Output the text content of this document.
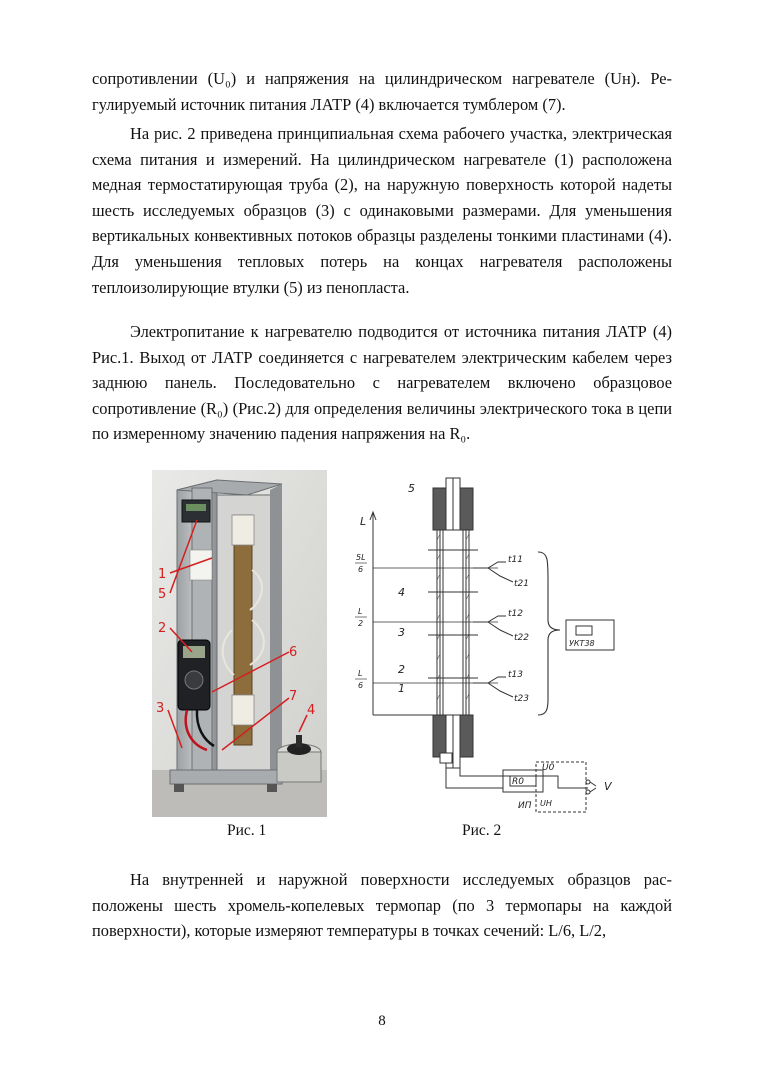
сопротивлении (U₀) и напряжения на цилиндрическом нагревателе (Uн). Регулируемый источник питания ЛАТР (4) включается тумблером (7).

На рис. 2 приведена принципиальная схема рабочего участка, электрическая схема питания и измерений. На цилиндрическом нагревателе (1) расположена медная термостатирующая труба (2), на наружную поверхность которой надеты шесть исследуемых образцов (3) с одинаковыми размерами. Для уменьшения вертикальных конвективных потоков образцы разделены тонкими пластинами (4). Для уменьшения тепловых потерь на концах нагревателя расположены теплоизолирующие втулки (5) из пенопласта.

Электропитание к нагревателю подводится от источника питания ЛАТР (4) Рис.1. Выход от ЛАТР соединяется с нагревателем электрическим кабелем через заднюю панель. Последовательно с нагревателем включено образцовое сопротивление (R₀) (Рис.2) для определения величины электрического тока в цепи по измеренному значению падения напряжения на R₀.

1
5
2
6
3
7
4
5
L
5L
6
L
2
L
6
4
3
2
1
t11
t21
t12
t22
t13
t23
УКТ38
R0
U0
UH
V
ИП
Рис. 1	Рис. 2

На внутренней и наружной поверхности исследуемых образцов расположены шесть хромель-копелевых термопар (по 3 термопары на каждой поверхности), которые измеряют температуры в точках сечений: L/6, L/2,

8
